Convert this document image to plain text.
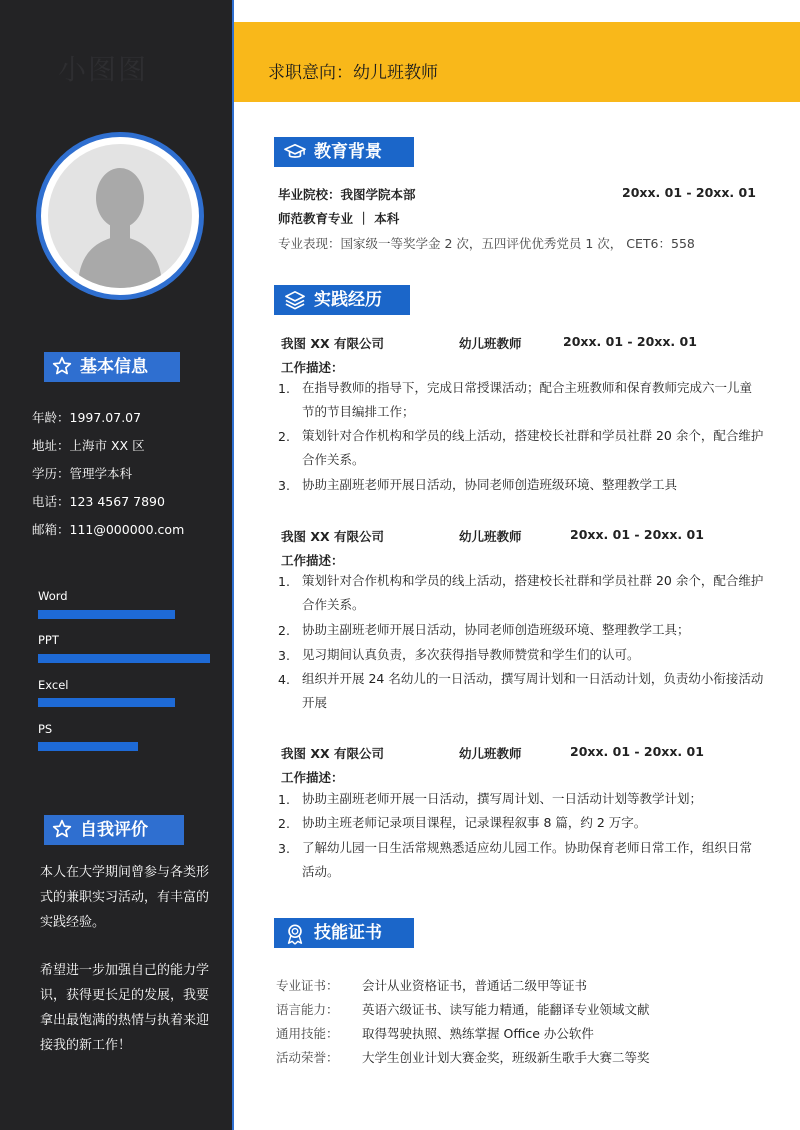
小图图
基本信息
年龄：1997.07.07
地址：上海市 XX 区
学历：管理学本科
电话：123 4567 7890
邮箱：111@000000.com
Word
PPT
Excel
PS
自我评价

本人在大学期间曾参与各类形式的兼职实习活动，有丰富的实践经验。

希望进一步加强自己的能力学识，获得更长足的发展，我要拿出最饱满的热情与执着来迎接我的新工作！

求职意向：幼儿班教师
教育背景
毕业院校：我图学院本部	20xx. 01 - 20xx. 01
师范教育专业 ｜ 本科
专业表现：国家级一等奖学金 2 次，五四评优优秀党员 1 次， CET6：558
实践经历
我图 XX 有限公司	幼儿班教师	20xx. 01 - 20xx. 01
工作描述：
1. 在指导教师的指导下，完成日常授课活动；配合主班教师和保育教师完成六一儿童节的节目编排工作；

2. 策划针对合作机构和学员的线上活动，搭建校长社群和学员社群 20 余个，配合维护合作关系。

3. 协助主副班老师开展日活动，协同老师创造班级环境、整理教学工具

我图 XX 有限公司	幼儿班教师	20xx. 01 - 20xx. 01
工作描述：
1. 策划针对合作机构和学员的线上活动，搭建校长社群和学员社群 20 余个，配合维护合作关系。

2. 协助主副班老师开展日活动，协同老师创造班级环境、整理教学工具；

3. 见习期间认真负责，多次获得指导教师赞赏和学生们的认可。

4. 组织并开展 24 名幼儿的一日活动，撰写周计划和一日活动计划，负责幼小衔接活动开展

我图 XX 有限公司	幼儿班教师	20xx. 01 - 20xx. 01
工作描述：
1. 协助主副班老师开展一日活动，撰写周计划、一日活动计划等教学计划；

2. 协助主班老师记录项目课程，记录课程叙事 8 篇，约 2 万字。

3. 了解幼儿园一日生活常规熟悉适应幼儿园工作。协助保育老师日常工作，组织日常活动。

技能证书
专业证书： 会计从业资格证书，普通话二级甲等证书
语言能力： 英语六级证书、读写能力精通，能翻译专业领域文献
通用技能： 取得驾驶执照、熟练掌握 Office 办公软件
活动荣誉： 大学生创业计划大赛金奖，班级新生歌手大赛二等奖
